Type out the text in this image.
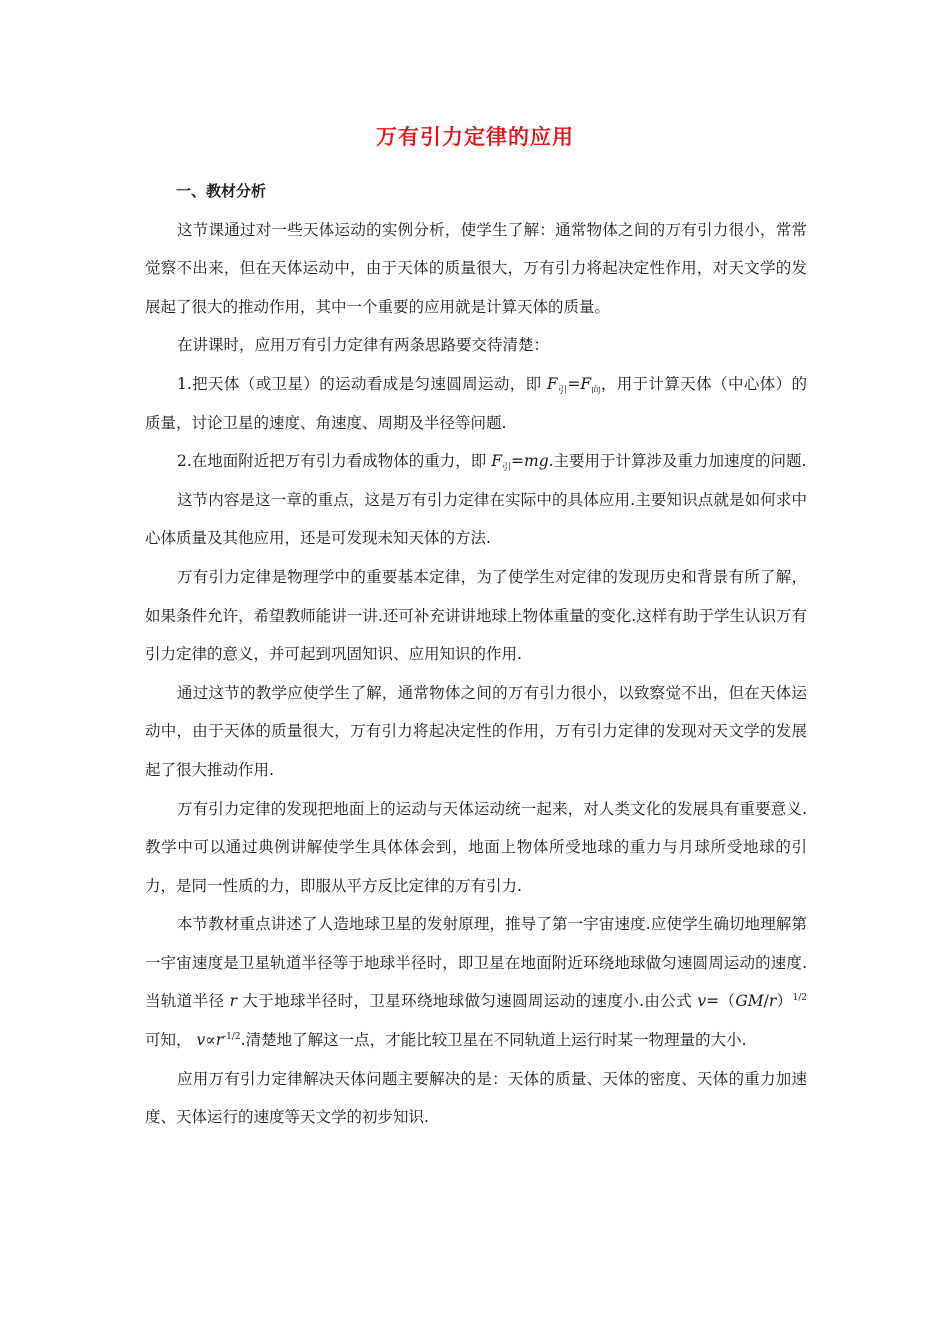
万有引力定律的应用

一、教材分析

这节课通过对一些天体运动的实例分析，使学生了解：通常物体之间的万有引力很小，常常觉察不出来，但在天体运动中，由于天体的质量很大，万有引力将起决定性作用，对天文学的发展起了很大的推动作用，其中一个重要的应用就是计算天体的质量。

在讲课时，应用万有引力定律有两条思路要交待清楚：

1.把天体（或卫星）的运动看成是匀速圆周运动，即 $F_引=F_向$，用于计算天体（中心体）的质量，讨论卫星的速度、角速度、周期及半径等问题.

2.在地面附近把万有引力看成物体的重力，即 $F_引=mg$.主要用于计算涉及重力加速度的问题.

这节内容是这一章的重点，这是万有引力定律在实际中的具体应用.主要知识点就是如何求中心体质量及其他应用，还是可发现未知天体的方法.

万有引力定律是物理学中的重要基本定律，为了使学生对定律的发现历史和背景有所了解，如果条件允许，希望教师能讲一讲.还可补充讲讲地球上物体重量的变化.这样有助于学生认识万有引力定律的意义，并可起到巩固知识、应用知识的作用.

通过这节的教学应使学生了解，通常物体之间的万有引力很小，以致察觉不出，但在天体运动中，由于天体的质量很大，万有引力将起决定性的作用，万有引力定律的发现对天文学的发展起了很大推动作用.

万有引力定律的发现把地面上的运动与天体运动统一起来，对人类文化的发展具有重要意义.教学中可以通过典例讲解使学生具体体会到，地面上物体所受地球的重力与月球所受地球的引力，是同一性质的力，即服从平方反比定律的万有引力.

本节教材重点讲述了人造地球卫星的发射原理，推导了第一宇宙速度.应使学生确切地理解第一宇宙速度是卫星轨道半径等于地球半径时，即卫星在地面附近环绕地球做匀速圆周运动的速度.当轨道半径 r 大于地球半径时，卫星环绕地球做匀速圆周运动的速度小.由公式 $v=(GM/r)^{1/2}$ 可知， $v\propto r^{-1/2}$.清楚地了解这一点，才能比较卫星在不同轨道上运行时某一物理量的大小.

应用万有引力定律解决天体问题主要解决的是：天体的质量、天体的密度、天体的重力加速度、天体运行的速度等天文学的初步知识.
